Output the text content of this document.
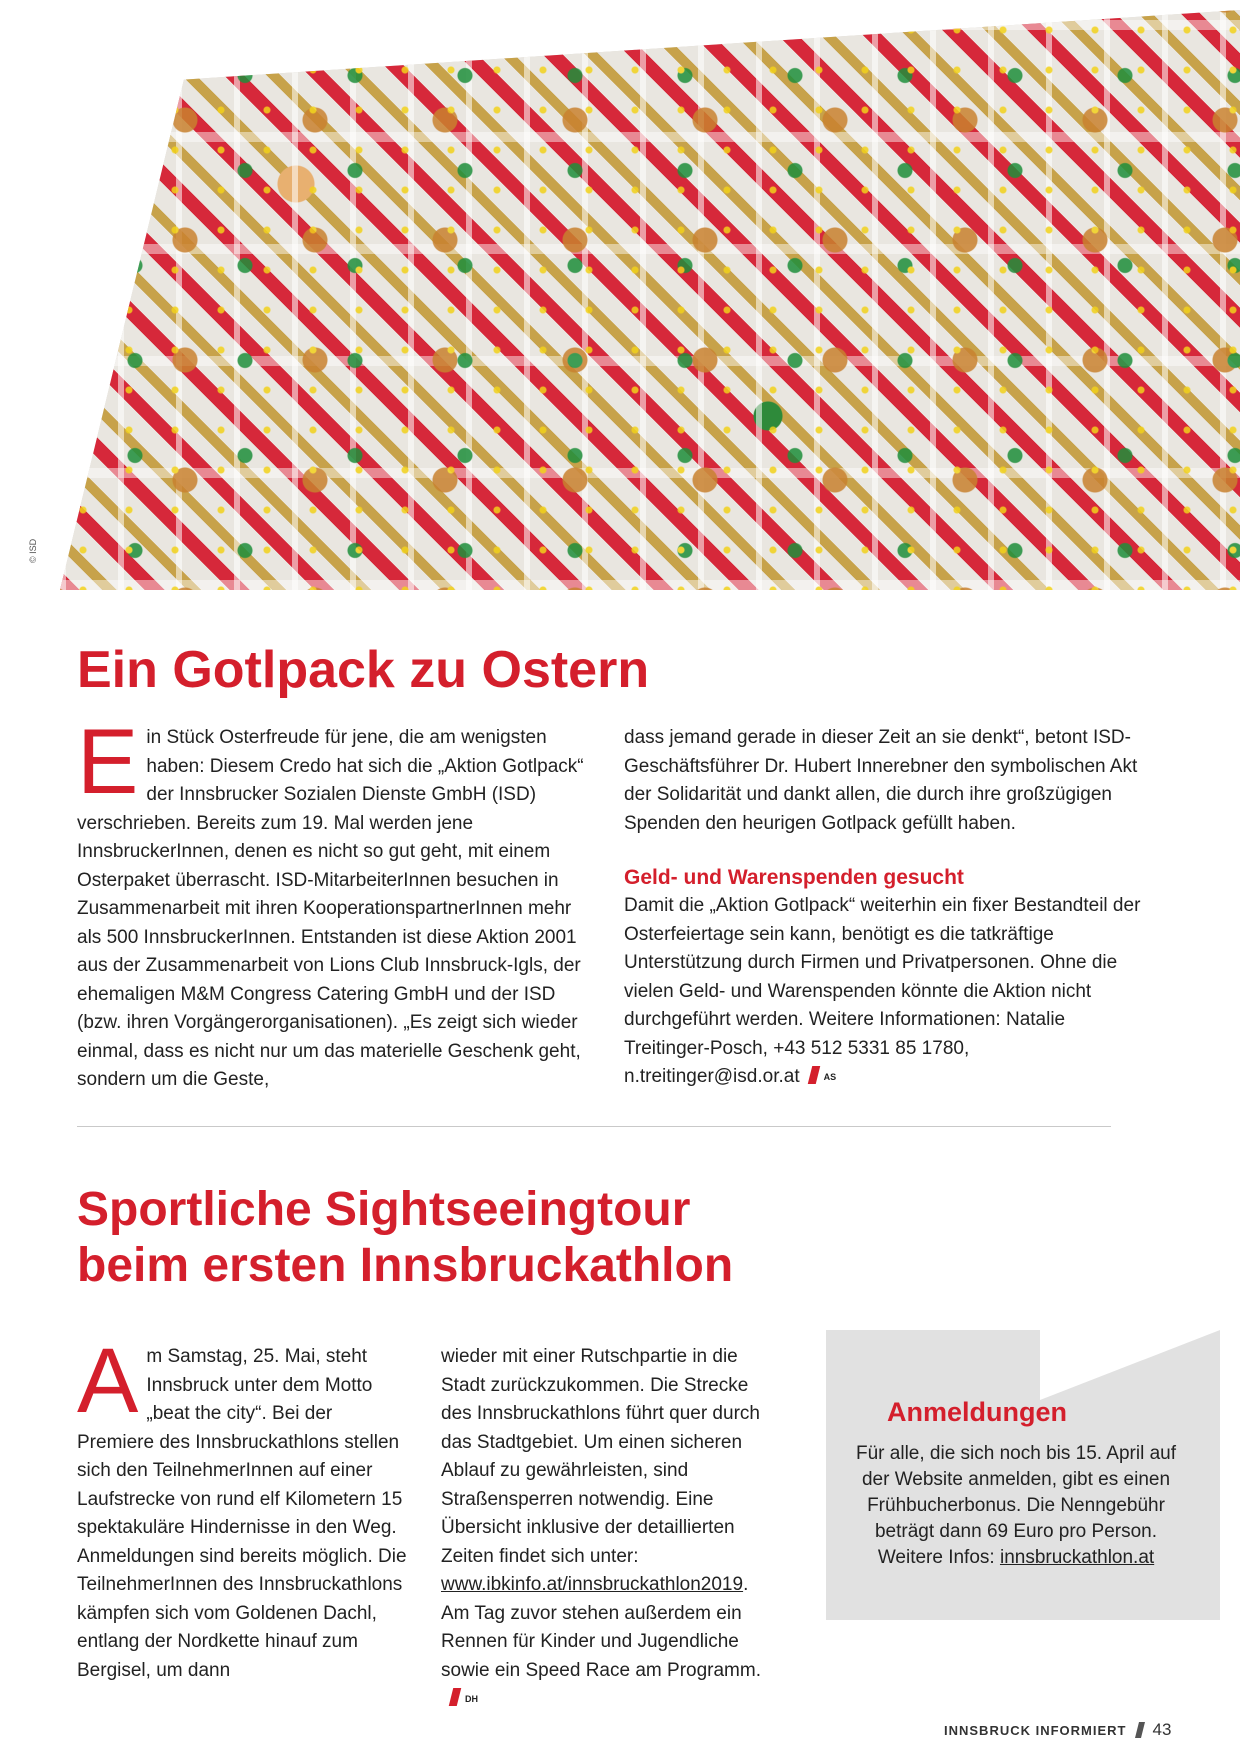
© ISD
Ein Gotlpack zu Ostern
E in Stück Osterfreude für jene, die am wenigsten haben: Diesem Credo hat sich die „Aktion Gotlpack“ der Innsbrucker Sozialen Dienste GmbH (ISD) verschrieben. Bereits zum 19. Mal werden jene InnsbruckerInnen, denen es nicht so gut geht, mit einem Osterpaket überrascht. ISD-MitarbeiterInnen besuchen in Zusammenarbeit mit ihren KooperationspartnerInnen mehr als 500 InnsbruckerInnen. Entstanden ist diese Aktion 2001 aus der Zusammenarbeit von Lions Club Innsbruck-Igls, der ehemaligen M&M Congress Catering GmbH und der ISD (bzw. ihren Vorgängerorganisationen). „Es zeigt sich wieder einmal, dass es nicht nur um das materielle Geschenk geht, sondern um die Geste,

dass jemand gerade in dieser Zeit an sie denkt“, betont ISD-Geschäftsführer Dr. Hubert Innerebner den symbolischen Akt der Solidarität und dankt allen, die durch ihre großzügigen Spenden den heurigen Gotlpack gefüllt haben.

Geld- und Warenspenden gesucht

Damit die „Aktion Gotlpack“ weiterhin ein fixer Bestandteil der Osterfeiertage sein kann, benötigt es die tatkräftige Unterstützung durch Firmen und Privatpersonen. Ohne die vielen Geld- und Warenspenden könnte die Aktion nicht durchgeführt werden. Weitere Informationen: Natalie Treitinger-Posch, +43 512 5331 85 1780, n.treitinger@isd.or.at	$^{AS}$

Sportliche Sightseeingtour
beim ersten Innsbruckathlon
A m Samstag, 25. Mai, steht Innsbruck unter dem Motto „beat the city“. Bei der Premiere des Innsbruckathlons stellen sich den TeilnehmerInnen auf einer Laufstrecke von rund elf Kilometern 15 spektakuläre Hindernisse in den Weg. Anmeldungen sind bereits möglich. Die TeilnehmerInnen des Innsbruckathlons kämpfen sich vom Goldenen Dachl, entlang der Nordkette hinauf zum Bergisel, um dann

wieder mit einer Rutschpartie in die Stadt zurückzukommen. Die Strecke des Innsbruckathlons führt quer durch das Stadtgebiet. Um einen sicheren Ablauf zu gewährleisten, sind Straßensperren notwendig. Eine Übersicht inklusive der detaillierten Zeiten findet sich unter: www.ibkinfo.at/innsbruckathlon2019. Am Tag zuvor stehen außerdem ein Rennen für Kinder und Jugendliche sowie ein Speed Race am Programm.$^{DH}$

Anmeldungen

Für alle, die sich noch bis 15. April auf der Website anmelden, gibt es einen Frühbucherbonus. Die Nenngebühr beträgt dann 69 Euro pro Person. Weitere Infos: innsbruckathlon.at
INNSBRUCK INFORMIERT 43
